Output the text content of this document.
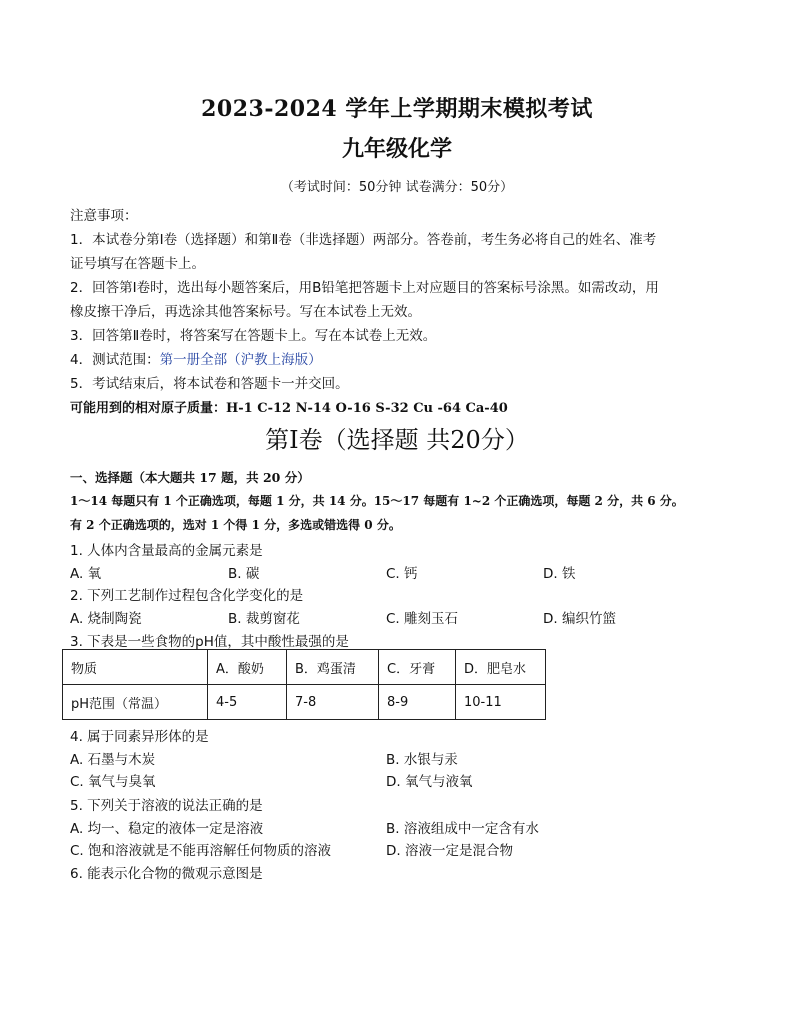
2023-2024 学年上学期期末模拟考试
九年级化学
（考试时间：50分钟 试卷满分：50分）
注意事项：
1．本试卷分第Ⅰ卷（选择题）和第Ⅱ卷（非选择题）两部分。答卷前，考生务必将自己的姓名、准考
证号填写在答题卡上。
2．回答第Ⅰ卷时，选出每小题答案后，用B铅笔把答题卡上对应题目的答案标号涂黑。如需改动，用
橡皮擦干净后，再选涂其他答案标号。写在本试卷上无效。
3．回答第Ⅱ卷时，将答案写在答题卡上。写在本试卷上无效。
4．测试范围：第一册全部（沪教上海版）
5．考试结束后，将本试卷和答题卡一并交回。
可能用到的相对原子质量：H-1 C-12 N-14 O-16 S-32 Cu -64 Ca-40
第Ⅰ卷（选择题 共20分）
一、选择题（本大题共 17 题，共 20 分）
1～14 每题只有 1 个正确选项，每题 1 分，共 14 分。15～17 每题有 1~2 个正确选项，每题 2 分，共 6 分。
有 2 个正确选项的，选对 1 个得 1 分，多选或错选得 0 分。
1. 人体内含量最高的金属元素是
A. 氧	B. 碳	C. 钙	D. 铁
2. 下列工艺制作过程包含化学变化的是
A. 烧制陶瓷	B. 裁剪窗花	C. 雕刻玉石	D. 编织竹篮
3. 下表是一些食物的pH值，其中酸性最强的是
物质	A．酸奶	B．鸡蛋清	C．牙膏	D．肥皂水
pH范围（常温）	4-5	7-8	8-9	10-11
4. 属于同素异形体的是
A. 石墨与木炭	B. 水银与汞
C. 氧气与臭氧	D. 氧气与液氧
5. 下列关于溶液的说法正确的是
A. 均一、稳定的液体一定是溶液	B. 溶液组成中一定含有水
C. 饱和溶液就是不能再溶解任何物质的溶液	D. 溶液一定是混合物
6. 能表示化合物的微观示意图是
